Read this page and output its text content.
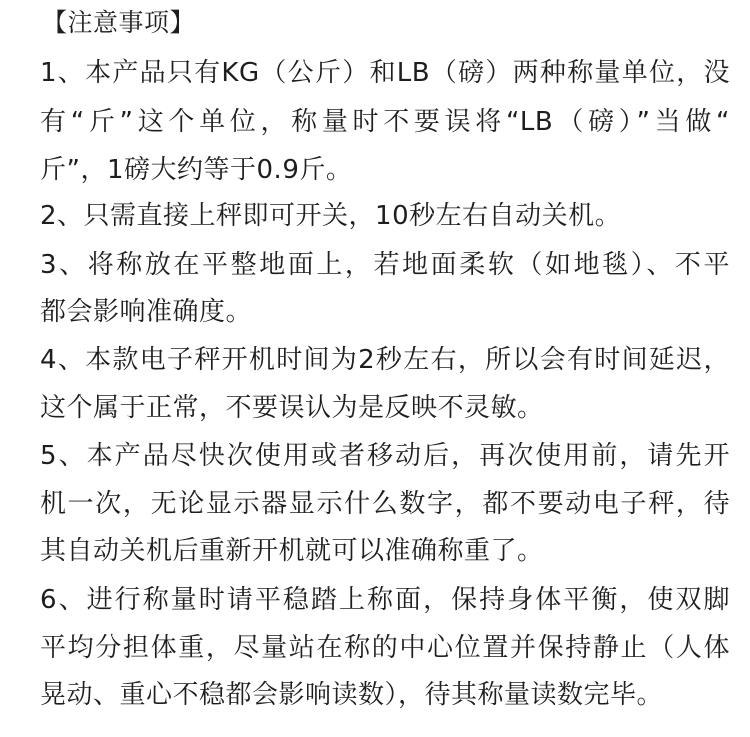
【注意事项】
1、本产品只有KG（公斤）和LB（磅）两种称量单位，没
有“斤”这个单位，称量时不要误将“LB（磅）”当做“
斤”，1磅大约等于0.9斤。
2、只需直接上秤即可开关，10秒左右自动关机。
3、将称放在平整地面上，若地面柔软（如地毯）、不平
都会影响准确度。
4、本款电子秤开机时间为2秒左右，所以会有时间延迟，
这个属于正常，不要误认为是反映不灵敏。
5、本产品尽快次使用或者移动后，再次使用前，请先开
机一次，无论显示器显示什么数字，都不要动电子秤，待
其自动关机后重新开机就可以准确称重了。
6、进行称量时请平稳踏上称面，保持身体平衡，使双脚
平均分担体重，尽量站在称的中心位置并保持静止（人体
晃动、重心不稳都会影响读数），待其称量读数完毕。
